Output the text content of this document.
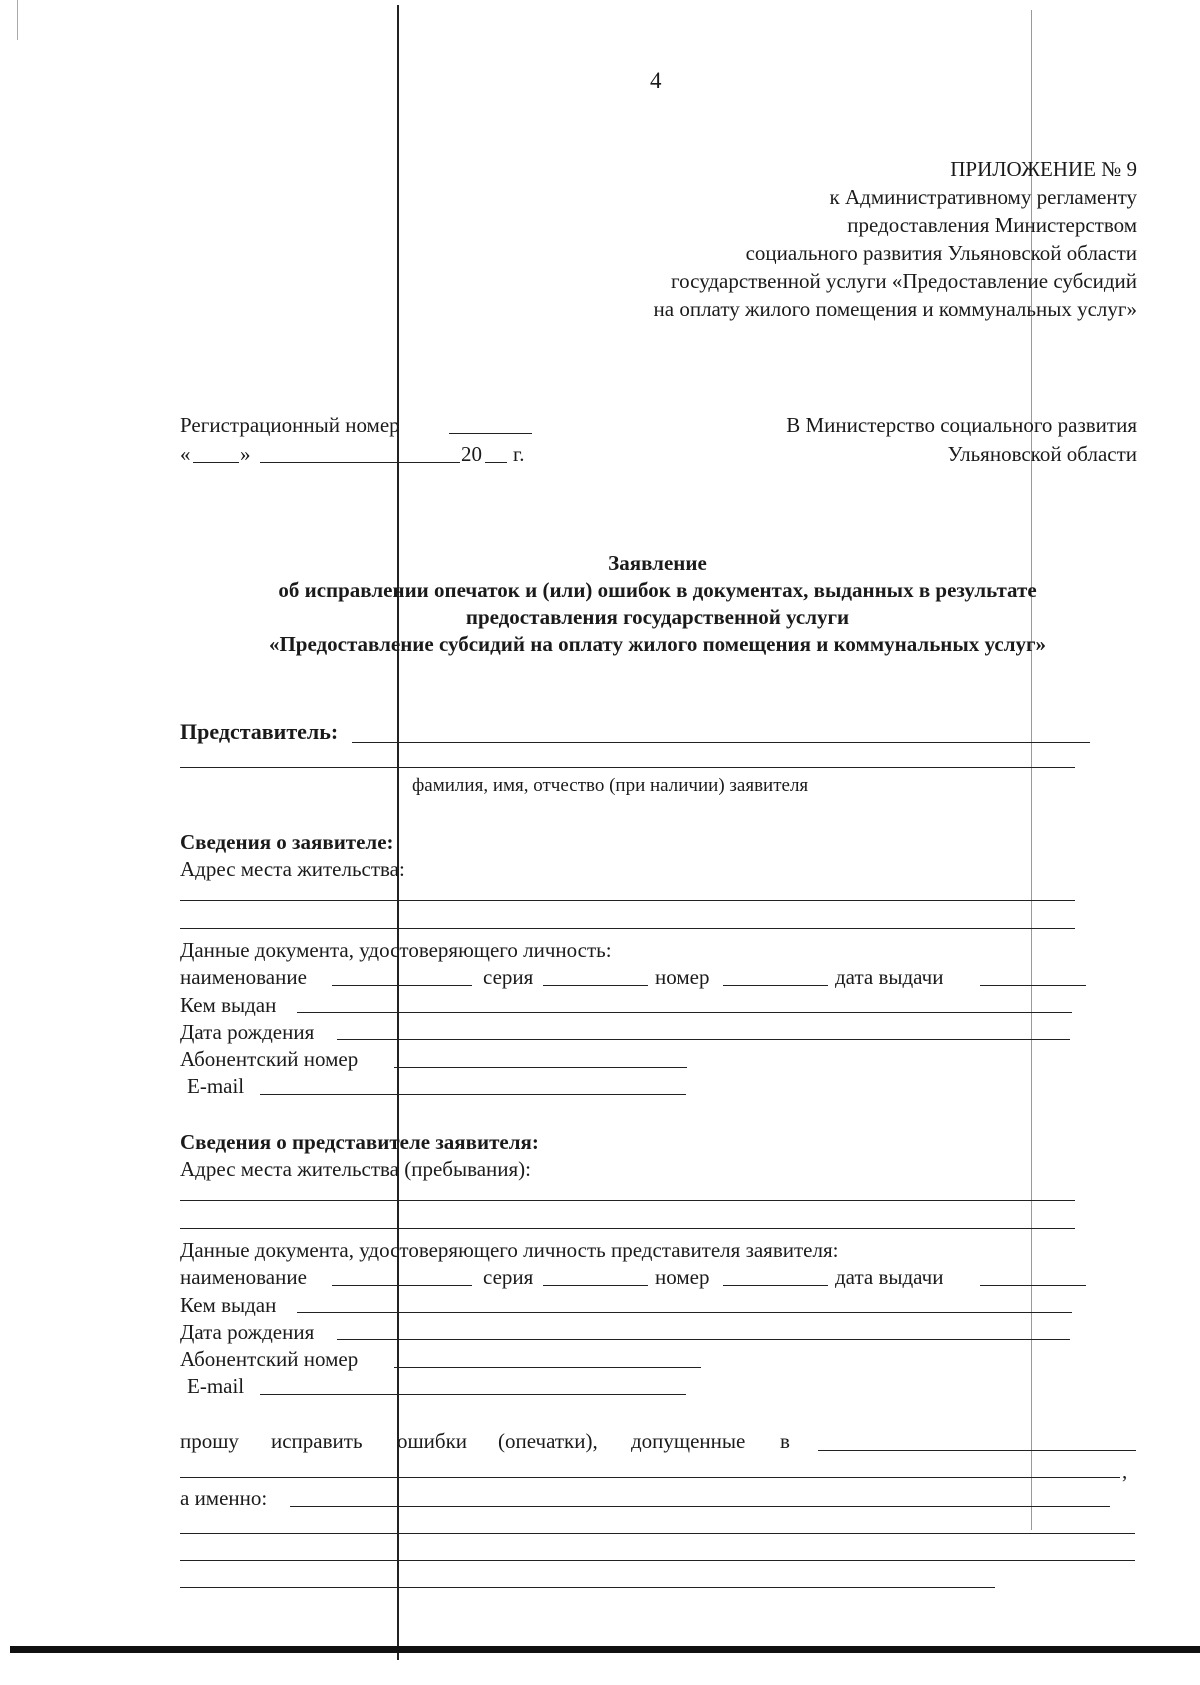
4
ПРИЛОЖЕНИЕ № 9
к Административному регламенту
предоставления Министерством
социального развития Ульяновской области
государственной услуги «Предоставление субсидий
на оплату жилого помещения и коммунальных услуг»
Регистрационный номер
« »	20 г.
В Министерство социального развития
Ульяновской области
Заявление
об исправлении опечаток и (или) ошибок в документах, выданных в результате
предоставления государственной услуги
«Предоставление субсидий на оплату жилого помещения и коммунальных услуг»
Представитель:
фамилия, имя, отчество (при наличии) заявителя
Сведения о заявителе:
Адрес места жительства:
Данные документа, удостоверяющего личность:
наименование	серия	номер	дата выдачи
Кем выдан
Дата рождения
Абонентский номер
E-mail
Сведения о представителе заявителя:
Адрес места жительства (пребывания):
Данные документа, удостоверяющего личность представителя заявителя:
наименование	серия	номер	дата выдачи
Кем выдан
Дата рождения
Абонентский номер
E-mail
прошу исправить ошибки (опечатки), допущенные в
,
а именно:
